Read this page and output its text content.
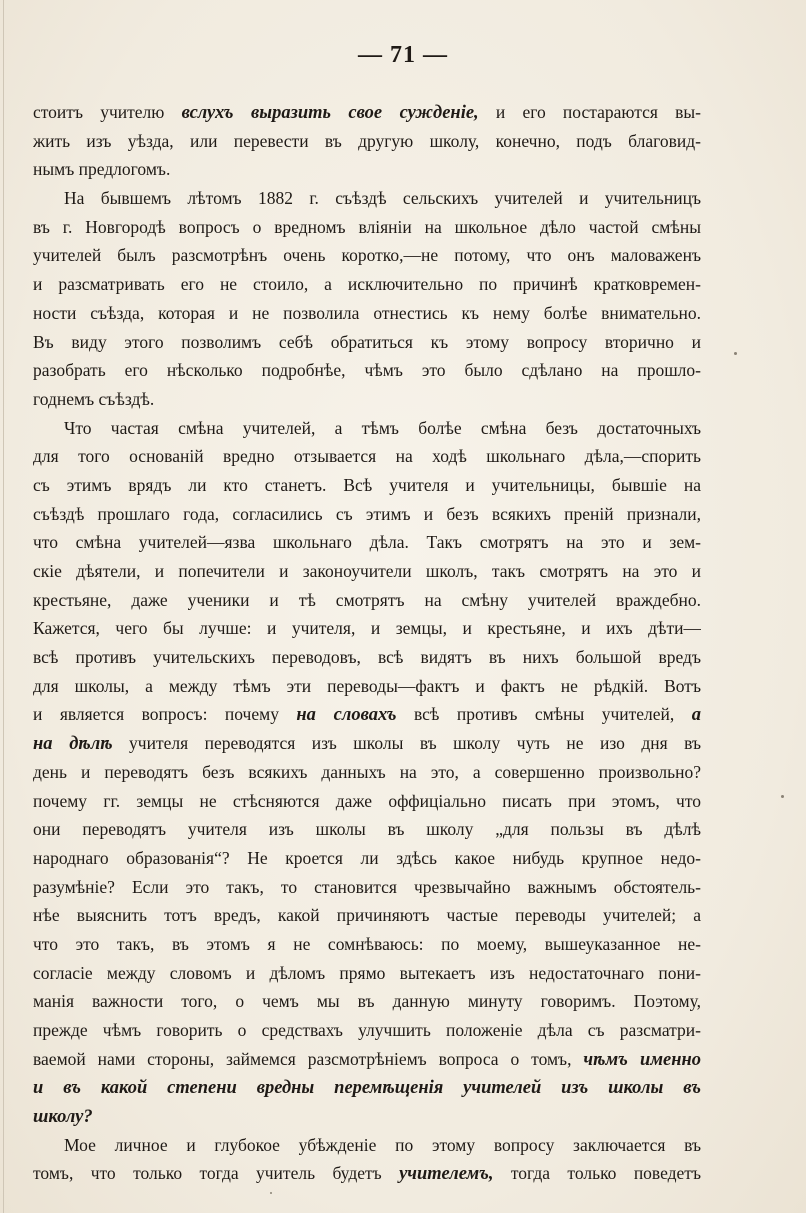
— 71 —
стоитъ учителю вслухъ выразить свое сужденіе, и его постараются вы-
жить изъ уѣзда, или перевести въ другую школу, конечно, подъ благовид-
нымъ предлогомъ.
На бывшемъ лѣтомъ 1882 г. съѣздѣ сельскихъ учителей и учительницъ
въ г. Новгородѣ вопросъ о вредномъ вліяніи на школьное дѣло частой смѣны
учителей былъ разсмотрѣнъ очень коротко,—не потому, что онъ маловаженъ
и разсматривать его не стоило, а исключительно по причинѣ кратковремен-
ности съѣзда, которая и не позволила отнестись къ нему болѣе внимательно.
Въ виду этого позволимъ себѣ обратиться къ этому вопросу вторично и
разобрать его нѣсколько подробнѣе, чѣмъ это было сдѣлано на прошло-
годнемъ съѣздѣ.
Что частая смѣна учителей, а тѣмъ болѣе смѣна безъ достаточныхъ
для того основаній вредно отзывается на ходѣ школьнаго дѣла,—спорить
съ этимъ врядъ ли кто станетъ. Всѣ учителя и учительницы, бывшіе на
съѣздѣ прошлаго года, согласились съ этимъ и безъ всякихъ преній признали,
что смѣна учителей—язва школьнаго дѣла. Такъ смотрятъ на это и зем-
скіе дѣятели, и попечители и законоучители школъ, такъ смотрятъ на это и
крестьяне, даже ученики и тѣ смотрятъ на смѣну учителей враждебно.
Кажется, чего бы лучше: и учителя, и земцы, и крестьяне, и ихъ дѣти—
всѣ противъ учительскихъ переводовъ, всѣ видятъ въ нихъ большой вредъ
для школы, а между тѣмъ эти переводы—фактъ и фактъ не рѣдкій. Вотъ
и является вопросъ: почему на словахъ всѣ противъ смѣны учителей, а
на дѣлѣ учителя переводятся изъ школы въ школу чуть не изо дня въ
день и переводятъ безъ всякихъ данныхъ на это, а совершенно произвольно?
почему гг. земцы не стѣсняются даже оффиціально писать при этомъ, что
они переводятъ учителя изъ школы въ школу „для пользы въ дѣлѣ
народнаго образованія“? Не кроется ли здѣсь какое нибудь крупное недо-
разумѣніе? Если это такъ, то становится чрезвычайно важнымъ обстоятель-
нѣе выяснить тотъ вредъ, какой причиняютъ частые переводы учителей; а
что это такъ, въ этомъ я не сомнѣваюсь: по моему, вышеуказанное не-
согласіе между словомъ и дѣломъ прямо вытекаетъ изъ недостаточнаго пони-
манія важности того, о чемъ мы въ данную минуту говоримъ. Поэтому,
прежде чѣмъ говорить о средствахъ улучшить положеніе дѣла съ разсматри-
ваемой нами стороны, займемся разсмотрѣніемъ вопроса о томъ, чѣмъ именно
и въ какой степени вредны перемѣщенія учителей изъ школы въ
школу?
Мое личное и глубокое убѣжденіе по этому вопросу заключается въ
томъ, что только тогда учитель будетъ учителемъ, тогда только поведетъ
